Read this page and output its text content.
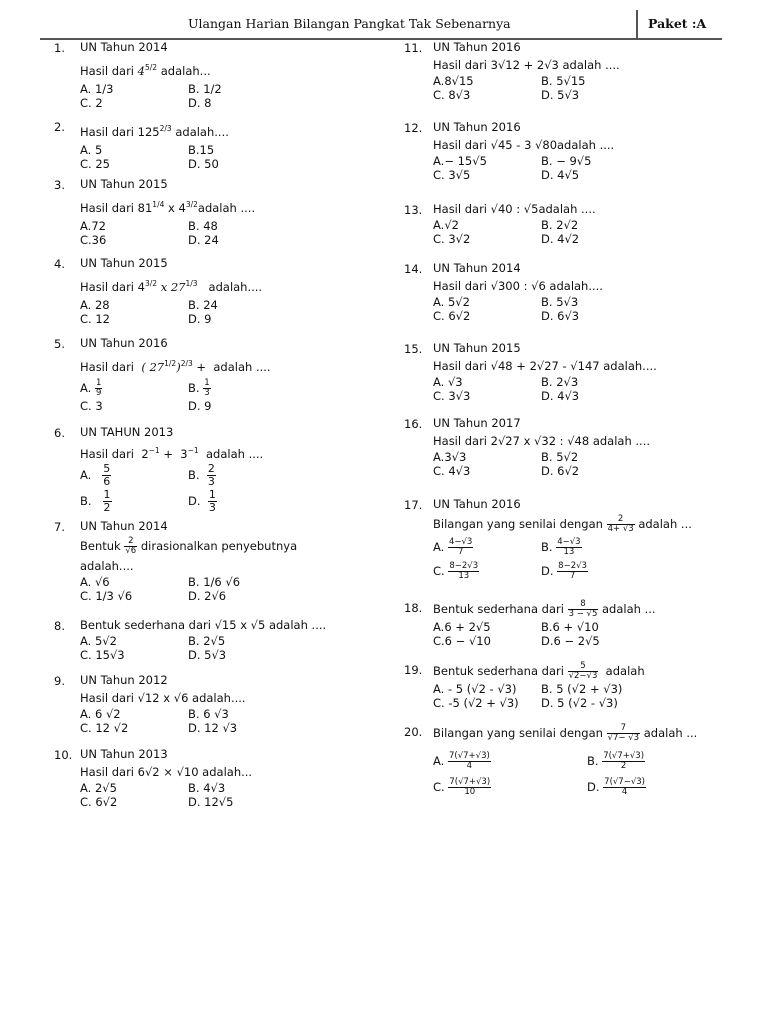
Ulangan Harian Bilangan Pangkat Tak Sebenarnya	Paket :A
1.	UN Tahun 2014
Hasil dari $4^{5/2}$ adalah...
A. 1/3	B. 1/2
C. 2	D. 8
2.	Hasil dari $125^{2/3}$ adalah....
A. 5	B.15
C. 25	D. 50
3.	UN Tahun 2015
Hasil dari $81^{1/4}$ x $4^{3/2}adalah$ ....
A.72	B. 48
C.36	D. 24
4.	UN Tahun 2015
Hasil dari $4^{3/2}$ x $27^{1/3}$   adalah....
A. 28	B. 24
C. 12	D. 9
5.	UN Tahun 2016
Hasil dari  ( $27^{1/2})^{2/3}$ +  adalah ....
A. $\frac{1}{9}$	B. $\frac{1}{3}$
C. 3	D. 9
6.	UN TAHUN 2013
Hasil dari  $2^{-1} + 3^{-1}$  adalah ....
A. $\frac{5}{6}$	B. $\frac{2}{3}$
B. $\frac{1}{2}$	D. $\frac{1}{3}$
7.	UN Tahun 2014
Bentuk $\frac{2}{√6}$ dirasionalkan penyebutnya
adalah....
A. √6	B. 1/6 √6
C. 1/3 √6	D. 2√6
8.	Bentuk sederhana dari √15 x √5 adalah ....
A. 5√2	B. 2√5
C. 15√3	D. 5√3
9.	UN Tahun 2012
Hasil dari √12 x √6 adalah....
A. 6 √2	B. 6 √3
C. 12 √2	D. 12 √3
10. UN Tahun 2013
Hasil dari 6√2 × √10 adalah...
A. 2√5	B. 4√3
C. 6√2	D. 12√5
11. UN Tahun 2016
Hasil dari 3√12 + 2√3 adalah ....
A.8√15	B. 5√15
C. 8√3	D. 5√3
12. UN Tahun 2016
Hasil dari √45 - 3 √80adalah ....
A.− 15√5	B. − 9√5
C. 3√5	D. 4√5
13. Hasil dari √40 : √5adalah ....
A.√2	B. 2√2
C. 3√2	D. 4√2
14. UN Tahun 2014
Hasil dari √300 : √6 adalah....
A. 5√2	B. 5√3
C. 6√2	D. 6√3
15. UN Tahun 2015
Hasil dari √48 + 2√27 - √147 adalah....
A. √3	B. 2√3
C. 3√3	D. 4√3
16. UN Tahun 2017
Hasil dari 2√27 x √32 : √48 adalah ....
A.3√3	B. 5√2
C. 4√3	D. 6√2
17. UN Tahun 2016
Bilangan yang senilai dengan $\frac{2}{4+ √3}$ adalah ...
A. $\frac{4-√3}{7}$	B. $\frac{4-√3}{13}$
C. $\frac{8-2√3}{13}$	D. $\frac{8-2√3}{7}$
18. Bentuk sederhana dari $\frac{8}{3 - √5}$ adalah ...
A.6 + 2√5	B.6 + √10
C.6 − √10	D.6 − 2√5
19. Bentuk sederhana dari $\frac{5}{√2-√3}$ adalah
A. - 5 (√2 - √3)	B. 5 (√2 + √3)
C. -5 (√2 + √3)	D. 5 (√2 - √3)
20. Bilangan yang senilai dengan $\frac{7}{√7- √3}$ adalah ...
A. $\frac{7(√7+√3)}{4}$	B. $\frac{7(√7+√3)}{2}$
C. $\frac{7(√7+√3)}{10}$	D. $\frac{7(√7-√3)}{4}$
